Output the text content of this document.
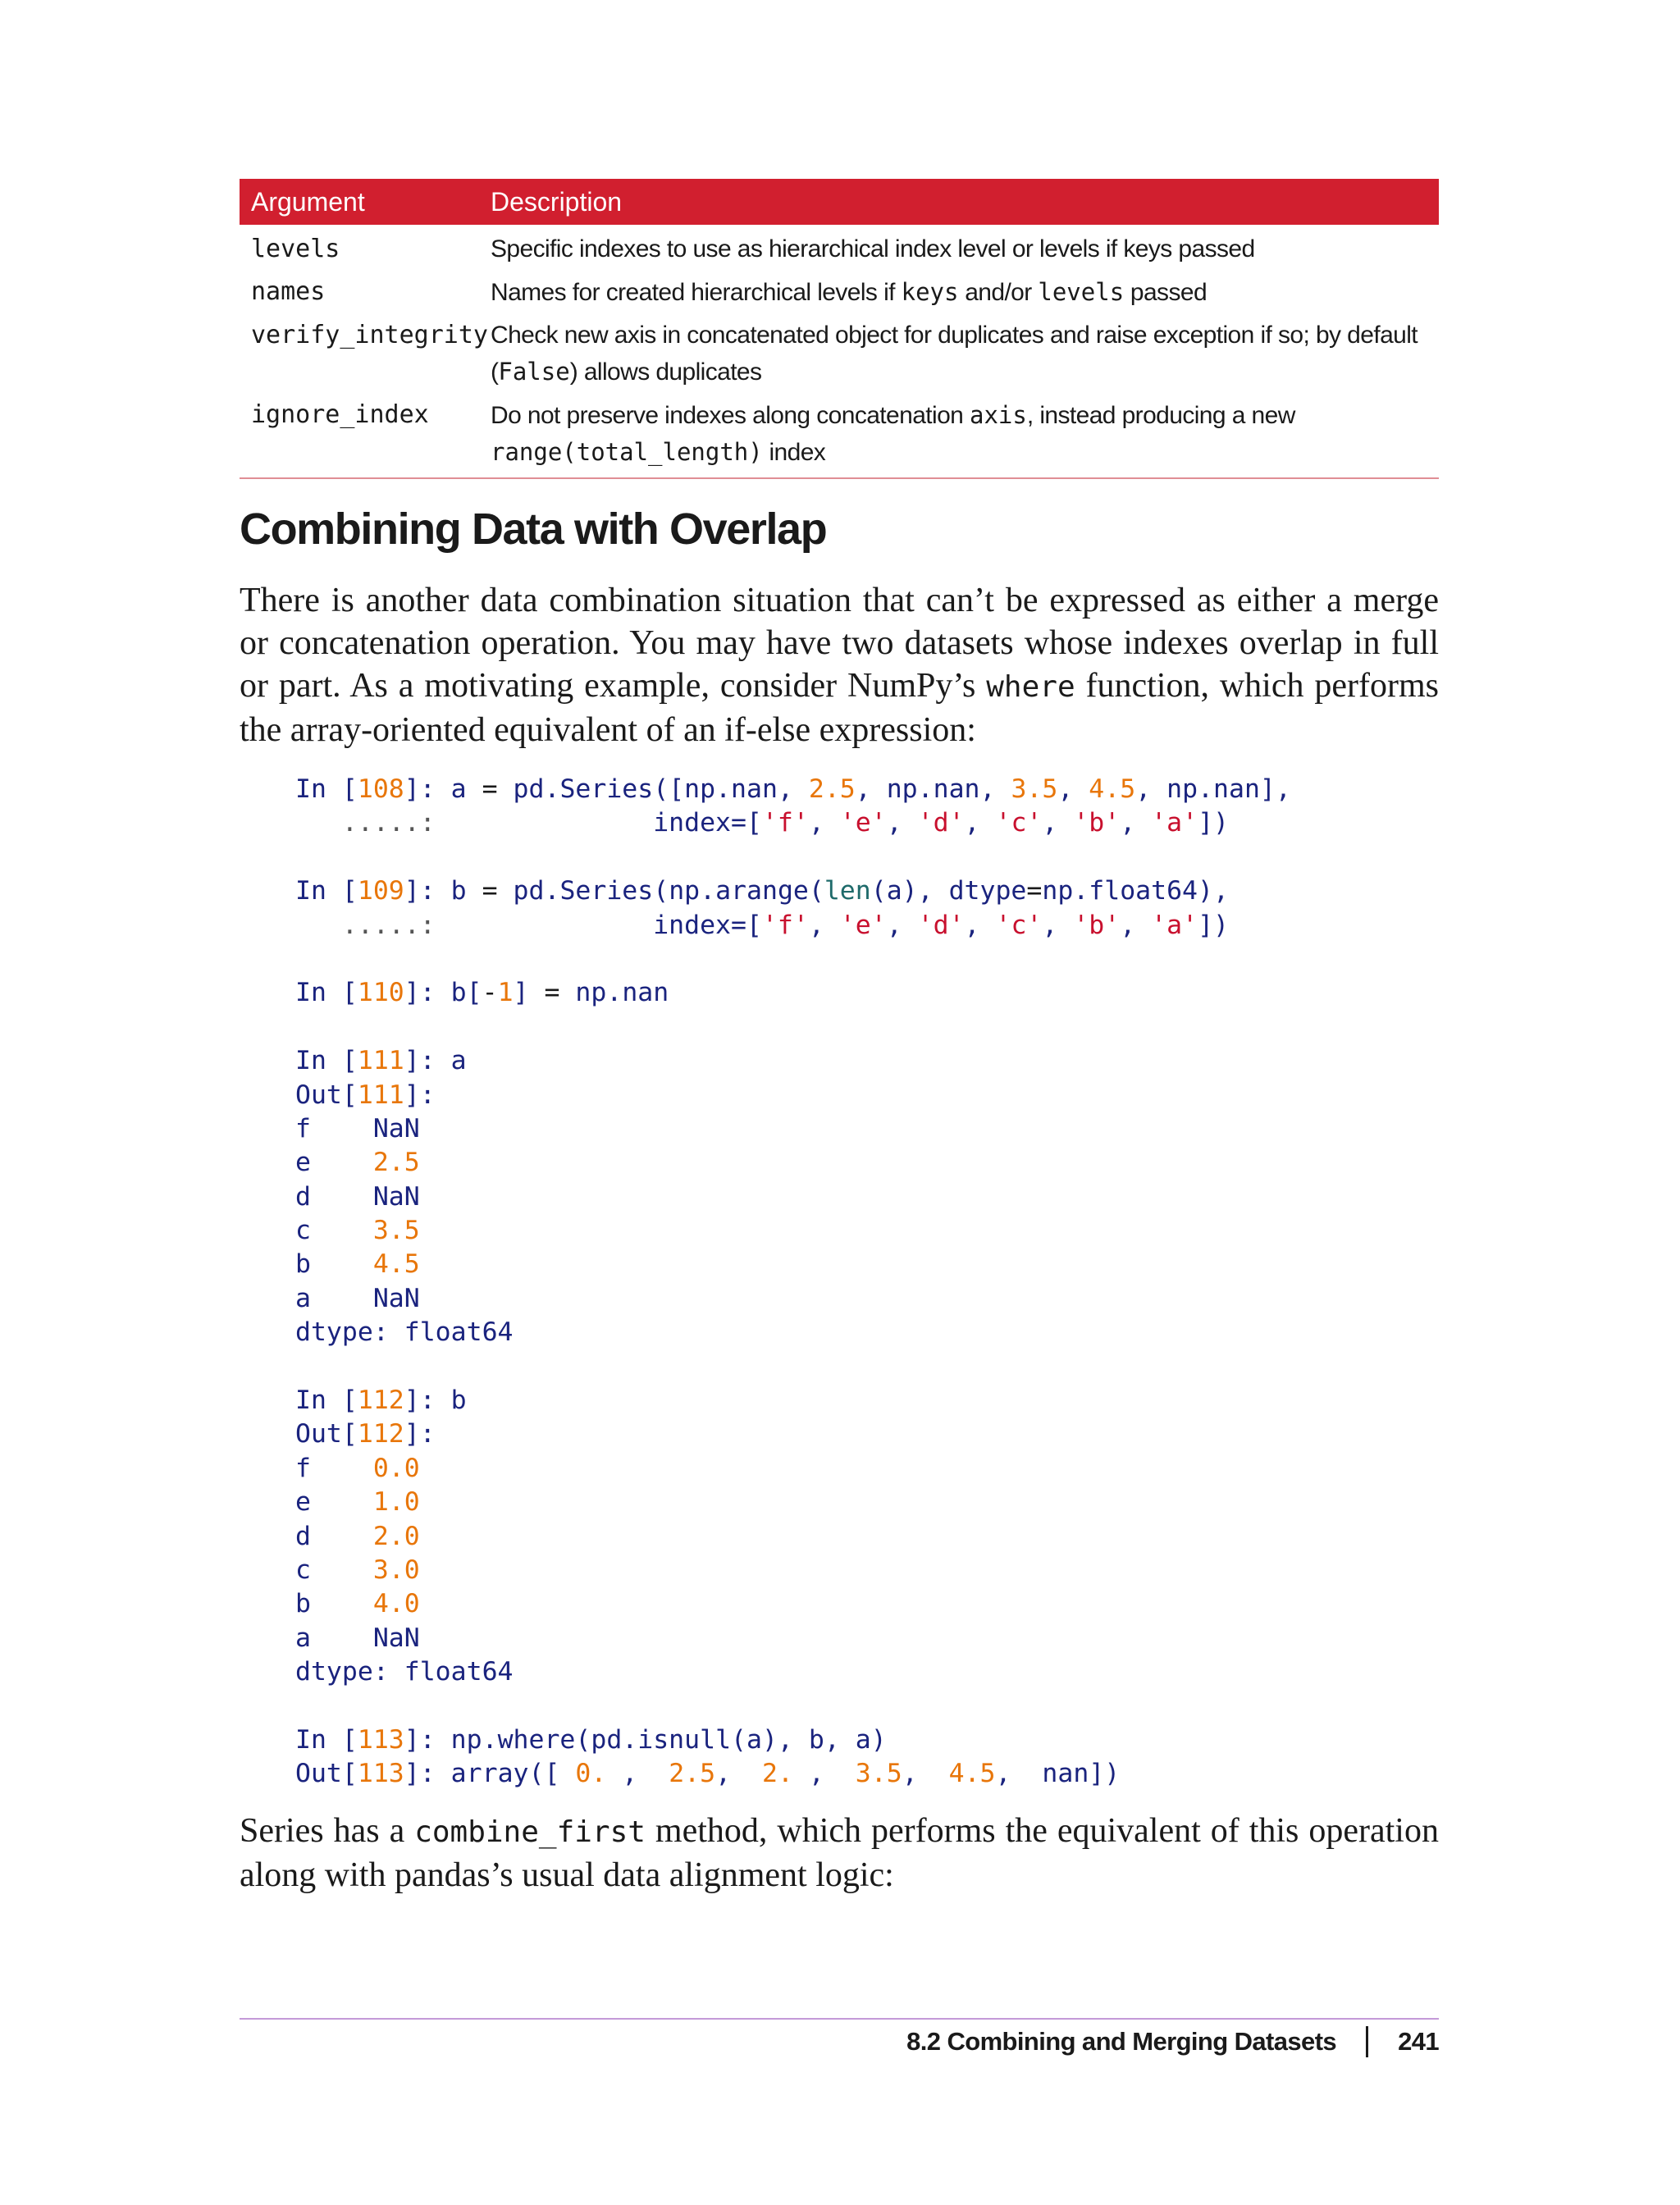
Argument	Description
levels	Specific indexes to use as hierarchical index level or levels if keys passed
names	Names for created hierarchical levels if keys and/or levels passed
verify_integrity Check new axis in concatenated object for duplicates and raise exception if so; by default (False) allows duplicates
ignore_index	Do not preserve indexes along concatenation axis, instead producing a new range(total_length) index
Combining Data with Overlap

There is another data combination situation that can’t be expressed as either a merge or concatenation operation. You may have two datasets whose indexes overlap in full or part. As a motivating example, consider NumPy’s where function, which performs the array-oriented equivalent of an if-else expression:

In [108]: a = pd.Series([np.nan, 2.5, np.nan, 3.5, 4.5, np.nan],
.....:              index=['f', 'e', 'd', 'c', 'b', 'a'])

In [109]: b = pd.Series(np.arange(len(a), dtype=np.float64),
.....:              index=['f', 'e', 'd', 'c', 'b', 'a'])

In [110]: b[-1] = np.nan

In [111]: a
Out[111]:
f    NaN
e    2.5
d    NaN
c    3.5
b    4.5
a    NaN
dtype: float64

In [112]: b
Out[112]:
f    0.0
e    1.0
d    2.0
c    3.0
b    4.0
a    NaN
dtype: float64

In [113]: np.where(pd.isnull(a), b, a)
Out[113]: array([ 0. ,  2.5,  2. ,  3.5,  4.5,  nan])

Series has a combine_first method, which performs the equivalent of this operation along with pandas’s usual data alignment logic:

8.2 Combining and Merging Datasets 241
